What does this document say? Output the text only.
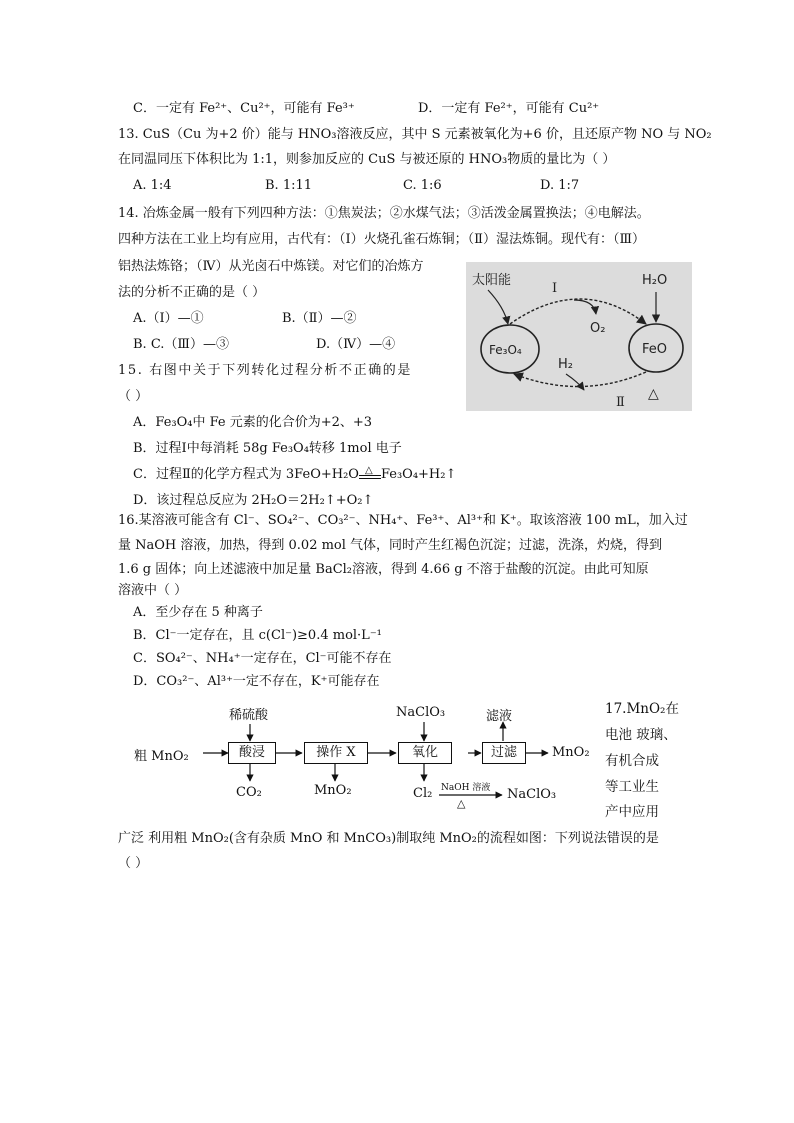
C．一定有 Fe²⁺、Cu²⁺，可能有 Fe³⁺	D．一定有 Fe²⁺，可能有 Cu²⁺
13. CuS（Cu 为+2 价）能与 HNO₃溶液反应，其中 S 元素被氧化为+6 价，且还原产物 NO 与 NO₂
在同温同压下体积比为 1:1，则参加反应的 CuS 与被还原的 HNO₃物质的量比为（ ）
A. 1:4	B. 1:11	C. 1:6	D. 1:7
14. 冶炼金属一般有下列四种方法：①焦炭法；②水煤气法；③活泼金属置换法；④电解法。
四种方法在工业上均有应用，古代有：（Ⅰ）火烧孔雀石炼铜；（Ⅱ）湿法炼铜。现代有：（Ⅲ）
铝热法炼铬；（Ⅳ）从光卤石中炼镁。对它们的冶炼方
法的分析不正确的是（ ）
A.（Ⅰ）—①	B.（Ⅱ）—②
B. C.（Ⅲ）—③	D.（Ⅳ）—④
15. 右图中关于下列转化过程分析不正确的是
（ ）
A．Fe₃O₄中 Fe 元素的化合价为+2、+3
B．过程Ⅰ中每消耗 58g Fe₃O₄转移 1mol 电子
C．过程Ⅱ的化学方程式为 3FeO+H₂O △ Fe₃O₄+H₂↑
D．该过程总反应为 2H₂O＝2H₂↑+O₂↑
太阳能
Ⅰ
O₂
H₂O
Fe₃O₄	FeO
H₂
Ⅱ
△
16.某溶液可能含有 Cl⁻、SO₄²⁻、CO₃²⁻、NH₄⁺、Fe³⁺、Al³⁺和 K⁺。取该溶液 100 mL，加入过
量 NaOH 溶液，加热，得到 0.02 mol 气体，同时产生红褐色沉淀；过滤，洗涤，灼烧，得到
1.6 g 固体；向上述滤液中加足量 BaCl₂溶液，得到 4.66 g 不溶于盐酸的沉淀。由此可知原
溶液中（ ）
A．至少存在 5 种离子
B．Cl⁻一定存在，且 c(Cl⁻)≥0.4 mol·L⁻¹
C．SO₄²⁻、NH₄⁺一定存在，Cl⁻可能不存在
D．CO₃²⁻、Al³⁺一定不存在，K⁺可能存在
粗 MnO₂
稀硫酸
酸浸
CO₂
操作 X
MnO₂
NaClO₃
氧化
Cl₂ NaOH 溶液
△
NaClO₃
滤液
过滤	MnO₂
17.MnO₂在
电池 玻璃、
有机合成
等工业生
产中应用
广泛 利用粗 MnO₂(含有杂质 MnO 和 MnCO₃)制取纯 MnO₂的流程如图：下列说法错误的是
（ ）
